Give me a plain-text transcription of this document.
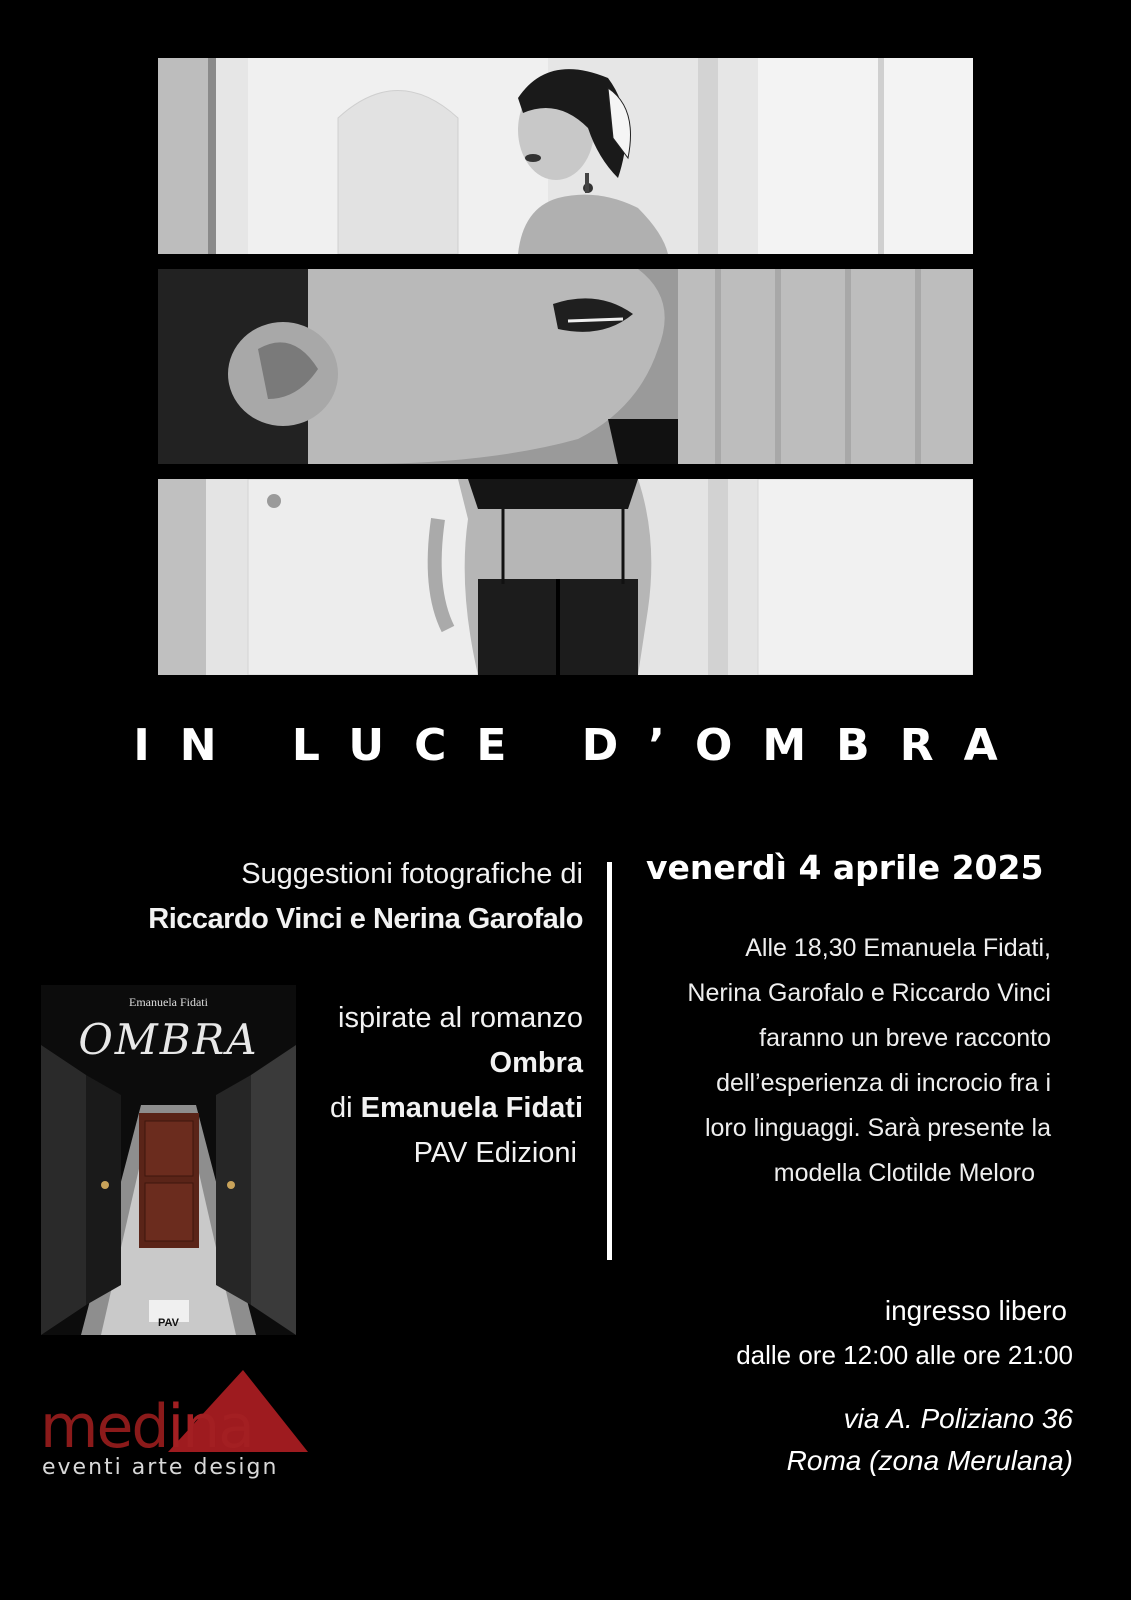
IN LUCE D’OMBRA
Suggestioni fotografiche di
Riccardo Vinci e Nerina Garofalo
ispirate al romanzo
Ombra
di Emanuela Fidati
PAV Edizioni
venerdì 4 aprile 2025
Alle 18,30 Emanuela Fidati,
Nerina Garofalo e Riccardo Vinci
faranno un breve racconto
dell’esperienza di incrocio fra i
loro linguaggi. Sarà presente la
modella Clotilde Meloro
ingresso libero
dalle ore 12:00 alle ore 21:00
via A. Poliziano 36
Roma (zona Merulana)
Emanuela Fidati
OMBRA
PAV
medina
eventi arte design
